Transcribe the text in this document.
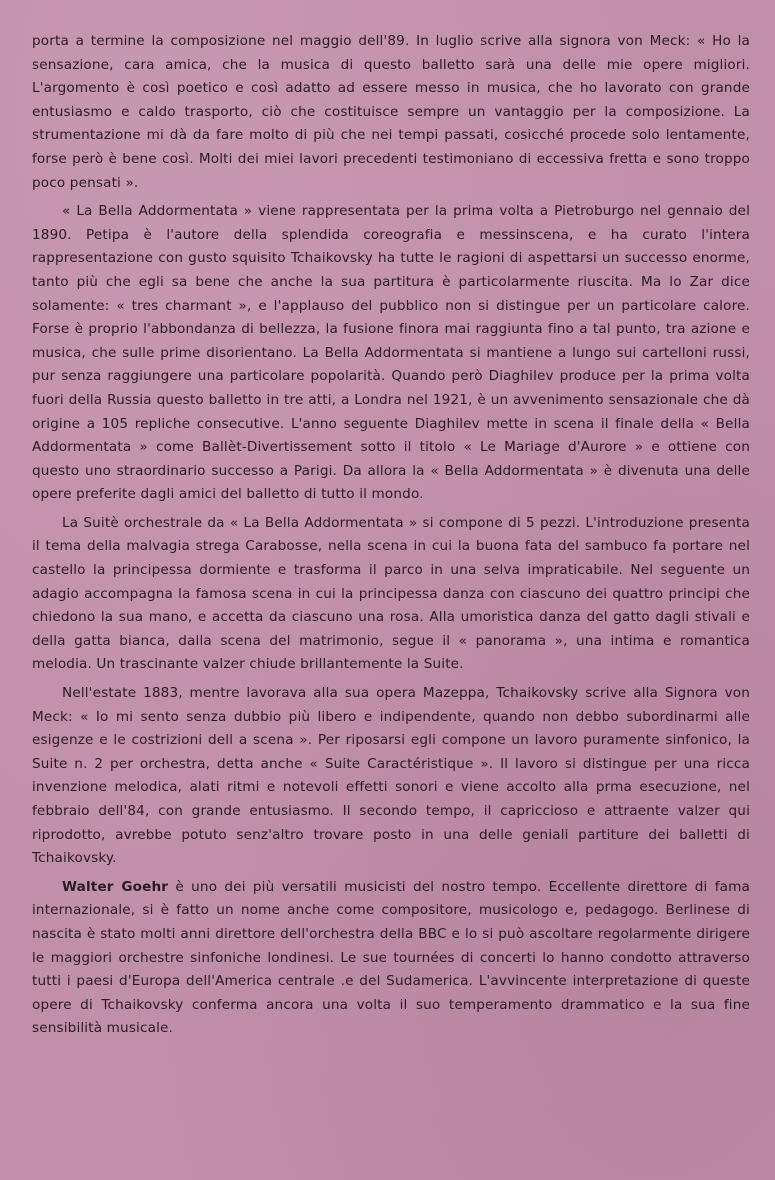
porta a termine la composizione nel maggio dell'89. In luglio scrive alla signora von Meck: « Ho la sensazione, cara amica, che la musica di questo balletto sarà una delle mie opere migliori. L'argomento è così poetico e così adatto ad essere messo in musica, che ho lavorato con grande entusiasmo e caldo trasporto, ciò che costituisce sempre un vantaggio per la composizione. La strumentazione mi dà da fare molto di più che nei tempi passati, cosicché procede solo lentamente, forse però è bene così. Molti dei miei lavori precedenti testimoniano di eccessiva fretta e sono troppo poco pensati ».

« La Bella Addormentata » viene rappresentata per la prima volta a Pietroburgo nel gennaio del 1890. Petipa è l'autore della splendida coreografia e messinscena, e ha curato l'intera rappresentazione con gusto squisito Tchaikovsky ha tutte le ragioni di aspettarsi un successo enorme, tanto più che egli sa bene che anche la sua partitura è particolarmente riuscita. Ma lo Zar dice solamente: « tres charmant », e l'applauso del pubblico non si distingue per un particolare calore. Forse è proprio l'abbondanza di bellezza, la fusione finora mai raggiunta fino a tal punto, tra azione e musica, che sulle prime disorientano. La Bella Addormentata si mantiene a lungo sui cartelloni russi, pur senza raggiungere una particolare popolarità. Quando però Diaghilev produce per la prima volta fuori della Russia questo balletto in tre atti, a Londra nel 1921, è un avvenimento sensazionale che dà origine a 105 repliche consecutive. L'anno seguente Diaghilev mette in scena il finale della « Bella Addormentata » come Ballèt-Divertissement sotto il titolo « Le Mariage d'Aurore » e ottiene con questo uno straordinario successo a Parigi. Da allora la « Bella Addormentata » è divenuta una delle opere preferite dagli amici del balletto di tutto il mondo.

La Suitè orchestrale da « La Bella Addormentata » si compone di 5 pezzi. L'introduzione presenta il tema della malvagia strega Carabosse, nella scena in cui la buona fata del sambuco fa portare nel castello la principessa dormiente e trasforma il parco in una selva impraticabile. Nel seguente un adagio accompagna la famosa scena in cui la principessa danza con ciascuno dei quattro principi che chiedono la sua mano, e accetta da ciascuno una rosa. Alla umoristica danza del gatto dagli stivali e della gatta bianca, dalla scena del matrimonio, segue il « panorama », una intima e romantica melodia. Un trascinante valzer chiude brillantemente la Suite.

Nell'estate 1883, mentre lavorava alla sua opera Mazeppa, Tchaikovsky scrive alla Signora von Meck: « Io mi sento senza dubbio più libero e indipendente, quando non debbo subordinarmi alle esigenze e le costrizioni dell a scena ». Per riposarsi egli compone un lavoro puramente sinfonico, la Suite n. 2 per orchestra, detta anche « Suite Caractéristique ». Il lavoro si distingue per una ricca invenzione melodica, alati ritmi e notevoli effetti sonori e viene accolto alla prma esecuzione, nel febbraio dell'84, con grande entusiasmo. Il secondo tempo, il capriccioso e attraente valzer qui riprodotto, avrebbe potuto senz'altro trovare posto in una delle geniali partiture dei balletti di Tchaikovsky.

Walter Goehr è uno dei più versatili musicisti del nostro tempo. Eccellente direttore di fama internazionale, si è fatto un nome anche come compositore, musicologo e, pedagogo. Berlinese di nascita è stato molti anni direttore dell'orchestra della BBC e lo si può ascoltare regolarmente dirigere le maggiori orchestre sinfoniche londinesi. Le sue tournées di concerti lo hanno condotto attraverso tutti i paesi d'Europa dell'America centrale .e del Sudamerica. L'avvincente interpretazione di queste opere di Tchaikovsky conferma ancora una volta il suo temperamento drammatico e la sua fine sensibilità musicale.
